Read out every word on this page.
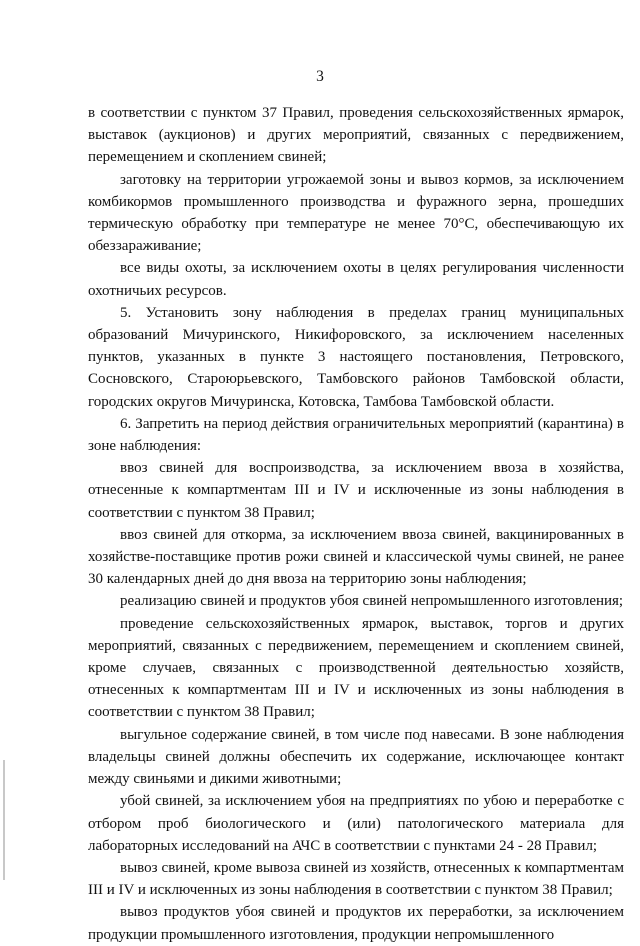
3

в соответствии с пунктом 37 Правил, проведения сельскохозяйственных ярмарок, выставок (аукционов) и других мероприятий, связанных с передвижением, перемещением и скоплением свиней;

заготовку на территории угрожаемой зоны и вывоз кормов, за исключением комбикормов промышленного производства и фуражного зерна, прошедших термическую обработку при температуре не менее 70°С, обеспечивающую их обеззараживание;

все виды охоты, за исключением охоты в целях регулирования численности охотничьих ресурсов.

5. Установить зону наблюдения в пределах границ муниципальных образований Мичуринского, Никифоровского, за исключением населенных пунктов, указанных в пункте 3 настоящего постановления, Петровского, Сосновского, Староюрьевского, Тамбовского районов Тамбовской области, городских округов Мичуринска, Котовска, Тамбова Тамбовской области.

6. Запретить на период действия ограничительных мероприятий (карантина) в зоне наблюдения:

ввоз свиней для воспроизводства, за исключением ввоза в хозяйства, отнесенные к компартментам III и IV и исключенные из зоны наблюдения в соответствии с пунктом 38 Правил;

ввоз свиней для откорма, за исключением ввоза свиней, вакцинированных в хозяйстве-поставщике против рожи свиней и классической чумы свиней, не ранее 30 календарных дней до дня ввоза на территорию зоны наблюдения;

реализацию свиней и продуктов убоя свиней непромышленного изготовления;

проведение сельскохозяйственных ярмарок, выставок, торгов и других мероприятий, связанных с передвижением, перемещением и скоплением свиней, кроме случаев, связанных с производственной деятельностью хозяйств, отнесенных к компартментам III и IV и исключенных из зоны наблюдения в соответствии с пунктом 38 Правил;

выгульное содержание свиней, в том числе под навесами. В зоне наблюдения владельцы свиней должны обеспечить их содержание, исключающее контакт между свиньями и дикими животными;

убой свиней, за исключением убоя на предприятиях по убою и переработке с отбором проб биологического и (или) патологического материала для лабораторных исследований на АЧС в соответствии с пунктами 24 - 28 Правил;

вывоз свиней, кроме вывоза свиней из хозяйств, отнесенных к компартментам III и IV и исключенных из зоны наблюдения в соответствии с пунктом 38 Правил;

вывоз продуктов убоя свиней и продуктов их переработки, за исключением продукции промышленного изготовления, продукции непромышленного
